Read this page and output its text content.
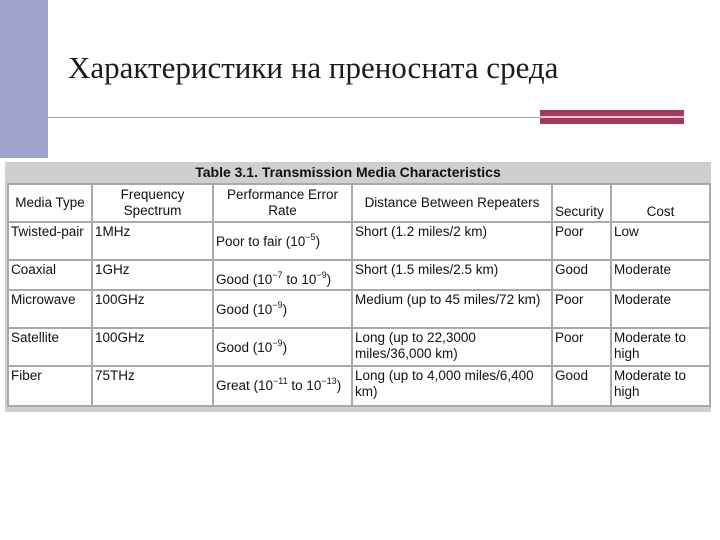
Характеристики на преносната среда
Table 3.1. Transmission Media Characteristics
Media Type	Frequency Spectrum	Performance Error Rate	Distance Between Repeaters	Security	Cost
Twisted-pair	1MHz	Poor to fair $(10^{-5})$	Short (1.2 miles/2 km)	Poor	Low
Coaxial	1GHz	Good ($10^{-7}$ to $10^{-9}$)	Short (1.5 miles/2.5 km)	Good	Moderate
Microwave	100GHz	Good $(10^{-9})$	Medium (up to 45 miles/72 km)	Poor	Moderate
Satellite	100GHz	Good $(10^{-9})$	Long (up to 22,3000 miles/36,000 km)	Poor	Moderate to high
Fiber	75THz	Great ($10^{-11}$ to $10^{-13}$)	Long (up to 4,000 miles/6,400 km)	Good	Moderate to high
